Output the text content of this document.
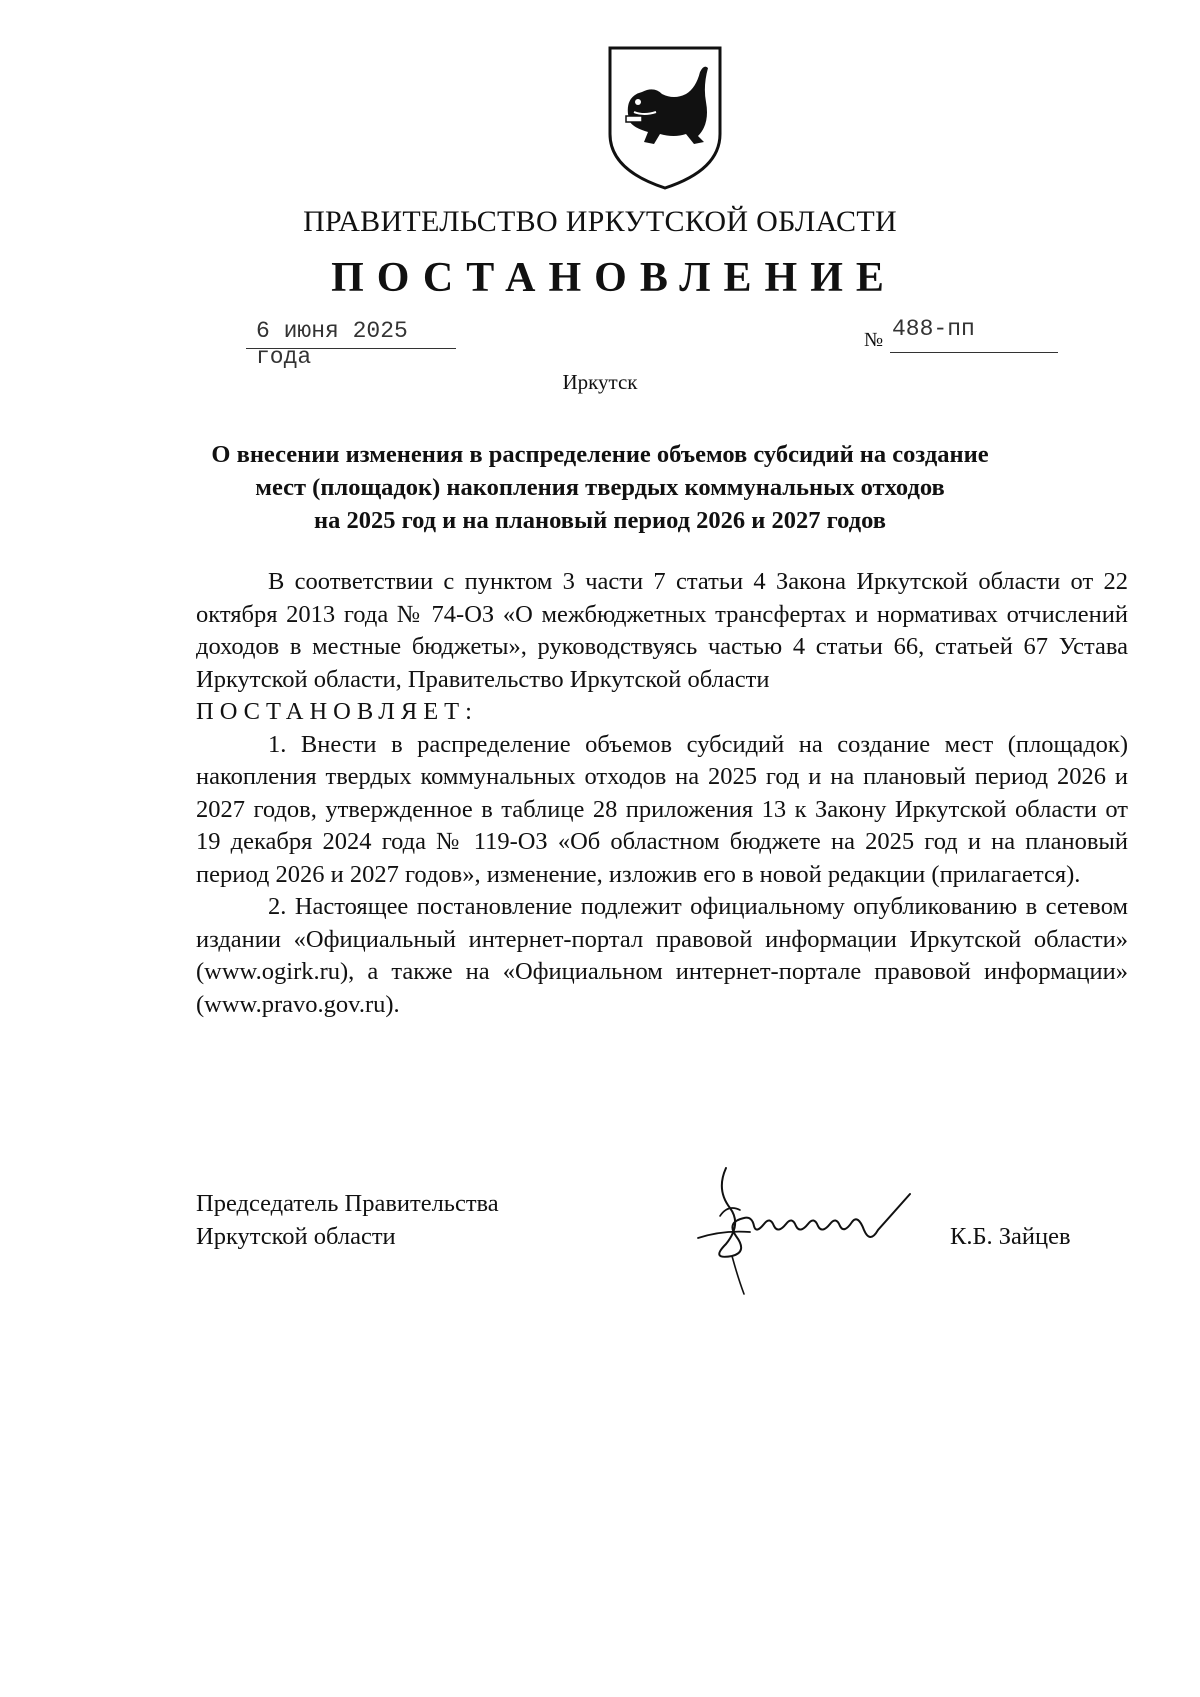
ПРАВИТЕЛЬСТВО ИРКУТСКОЙ ОБЛАСТИ
ПОСТАНОВЛЕНИЕ
6 июня 2025 года
№ 488-пп
Иркутск
О внесении изменения в распределение объемов субсидий на создание
мест (площадок) накопления твердых коммунальных отходов
на 2025 год и на плановый период 2026 и 2027 годов

В соответствии с пунктом 3 части 7 статьи 4 Закона Иркутской области от 22 октября 2013 года № 74-ОЗ «О межбюджетных трансфертах и нормативах отчислений доходов в местные бюджеты», руководствуясь частью 4 статьи 66, статьей 67 Устава Иркутской области, Правительство Иркутской области

ПОСТАНОВЛЯЕТ:

1. Внести в распределение объемов субсидий на создание мест (площадок) накопления твердых коммунальных отходов на 2025 год и на плановый период 2026 и 2027 годов, утвержденное в таблице 28 приложения 13 к Закону Иркутской области от 19 декабря 2024 года № 119-ОЗ «Об областном бюджете на 2025 год и на плановый период 2026 и 2027 годов», изменение, изложив его в новой редакции (прилагается).

2. Настоящее постановление подлежит официальному опубликованию в сетевом издании «Официальный интернет-портал правовой информации Иркутской области» (www.ogirk.ru), а также на «Официальном интернет-портале правовой информации» (www.pravo.gov.ru).

Председатель Правительства
Иркутской области	К.Б. Зайцев
